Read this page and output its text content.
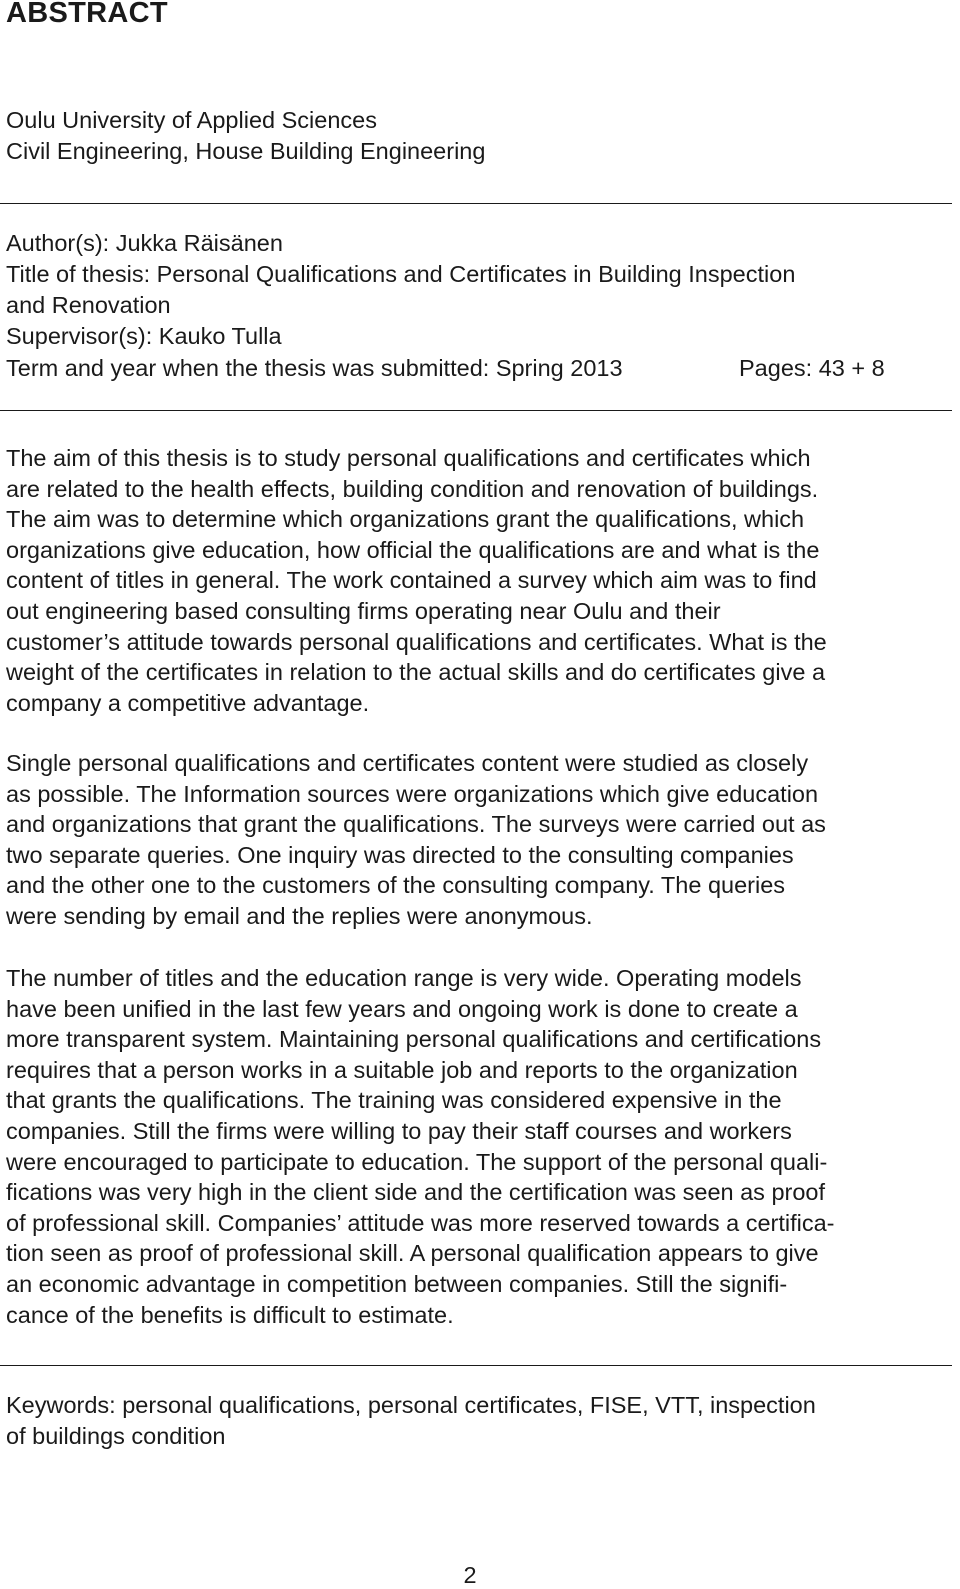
ABSTRACT

Oulu University of Applied Sciences

Civil Engineering, House Building Engineering

Author(s): Jukka Räisänen

Title of thesis: Personal Qualifications and Certificates in Building Inspection

and Renovation

Supervisor(s): Kauko Tulla

Term and year when the thesis was submitted: Spring 2013	Pages: 43 + 8
The aim of this thesis is to study personal qualifications and certificates which
are related to the health effects, building condition and renovation of buildings.
The aim was to determine which organizations grant the qualifications, which
organizations give education, how official the qualifications are and what is the
content of titles in general. The work contained a survey which aim was to find
out engineering based consulting firms operating near Oulu and their
customer’s attitude towards personal qualifications and certificates. What is the
weight of the certificates in relation to the actual skills and do certificates give a
company a competitive advantage.
Single personal qualifications and certificates content were studied as closely
as possible. The Information sources were organizations which give education
and organizations that grant the qualifications. The surveys were carried out as
two separate queries. One inquiry was directed to the consulting companies
and the other one to the customers of the consulting company. The queries
were sending by email and the replies were anonymous.
The number of titles and the education range is very wide. Operating models
have been unified in the last few years and ongoing work is done to create a
more transparent system. Maintaining personal qualifications and certifications
requires that a person works in a suitable job and reports to the organization
that grants the qualifications. The training was considered expensive in the
companies. Still the firms were willing to pay their staff courses and workers
were encouraged to participate to education. The support of the personal quali-
fications was very high in the client side and the certification was seen as proof
of professional skill. Companies’ attitude was more reserved towards a certifica-
tion seen as proof of professional skill. A personal qualification appears to give
an economic advantage in competition between companies. Still the signifi-
cance of the benefits is difficult to estimate.

Keywords: personal qualifications, personal certificates, FISE, VTT, inspection

of buildings condition

2
